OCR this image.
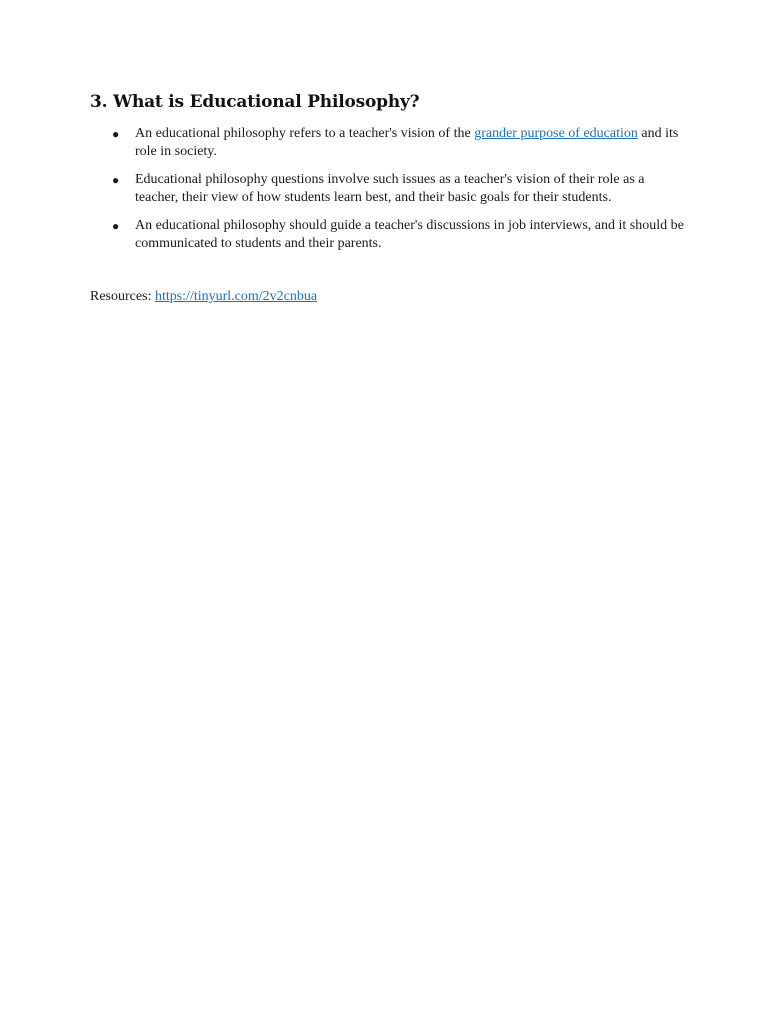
3. What is Educational Philosophy?
● An educational philosophy refers to a teacher's vision of the grander purpose of education and its role in society.
● Educational philosophy questions involve such issues as a teacher's vision of their role as a teacher, their view of how students learn best, and their basic goals for their students.
● An educational philosophy should guide a teacher's discussions in job interviews, and it should be communicated to students and their parents.
Resources: https://tinyurl.com/2v2cnbua
